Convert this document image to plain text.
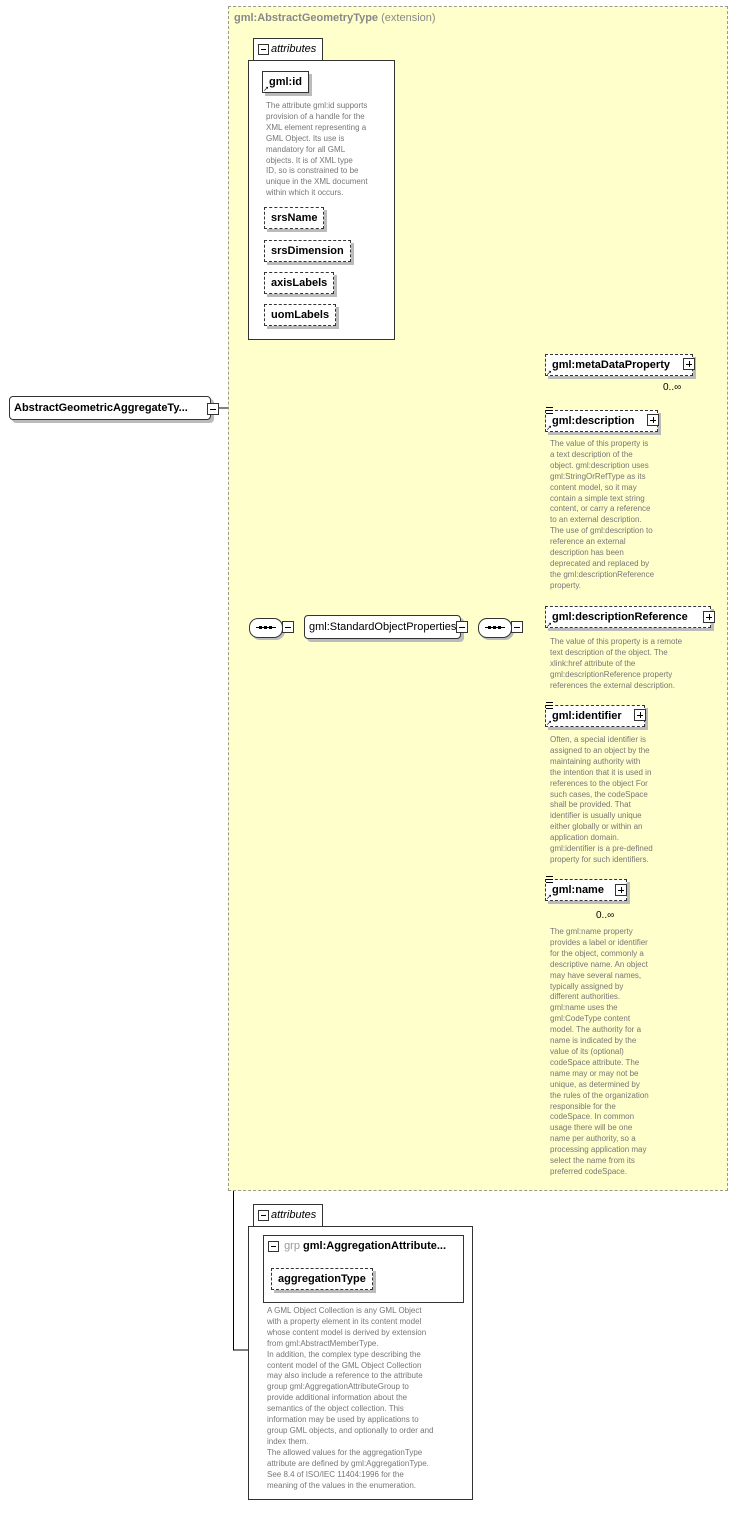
gml:AbstractGeometryType (extension)
attributes
gml:id
↗
The attribute gml:id supports
provision of a handle for the
XML element representing a
GML Object. Its use is
mandatory for all GML
objects. It is of XML type
ID, so is constrained to be
unique in the XML document
within which it occurs.
srsName
srsDimension
axisLabels
uomLabels
AbstractGeometricAggregateTy...
gml:StandardObjectProperties
gml:metaDataProperty
↗
0..∞
gml:description
↗
The value of this property is
a text description of the
object. gml:description uses
gml:StringOrRefType as its
content model, so it may
contain a simple text string
content, or carry a reference
to an external description.
The use of gml:description to
reference an external
description has been
deprecated and replaced by
the gml:descriptionReference
property.
gml:descriptionReference
↗
The value of this property is a remote
text description of the object. The
xlink:href attribute of the
gml:descriptionReference property
references the external description.
gml:identifier
↗
Often, a special identifier is
assigned to an object by the
maintaining authority with
the intention that it is used in
references to the object For
such cases, the codeSpace
shall be provided. That
identifier is usually unique
either globally or within an
application domain.
gml:identifier is a pre-defined
property for such identifiers.
gml:name
↗
0..∞
The gml:name property
provides a label or identifier
for the object, commonly a
descriptive name. An object
may have several names,
typically assigned by
different authorities.
gml:name uses the
gml:CodeType content
model. The authority for a
name is indicated by the
value of its (optional)
codeSpace attribute. The
name may or may not be
unique, as determined by
the rules of the organization
responsible for the
codeSpace. In common
usage there will be one
name per authority, so a
processing application may
select the name from its
preferred codeSpace.
attributes
grp gml:AggregationAttribute...
aggregationType
A GML Object Collection is any GML Object
with a property element in its content model
whose content model is derived by extension
from gml:AbstractMemberType.
In addition, the complex type describing the
content model of the GML Object Collection
may also include a reference to the attribute
group gml:AggregationAttributeGroup to
provide additional information about the
semantics of the object collection. This
information may be used by applications to
group GML objects, and optionally to order and
index them.
The allowed values for the aggregationType
attribute are defined by gml:AggregationType.
See 8.4 of ISO/IEC 11404:1996 for the
meaning of the values in the enumeration.
